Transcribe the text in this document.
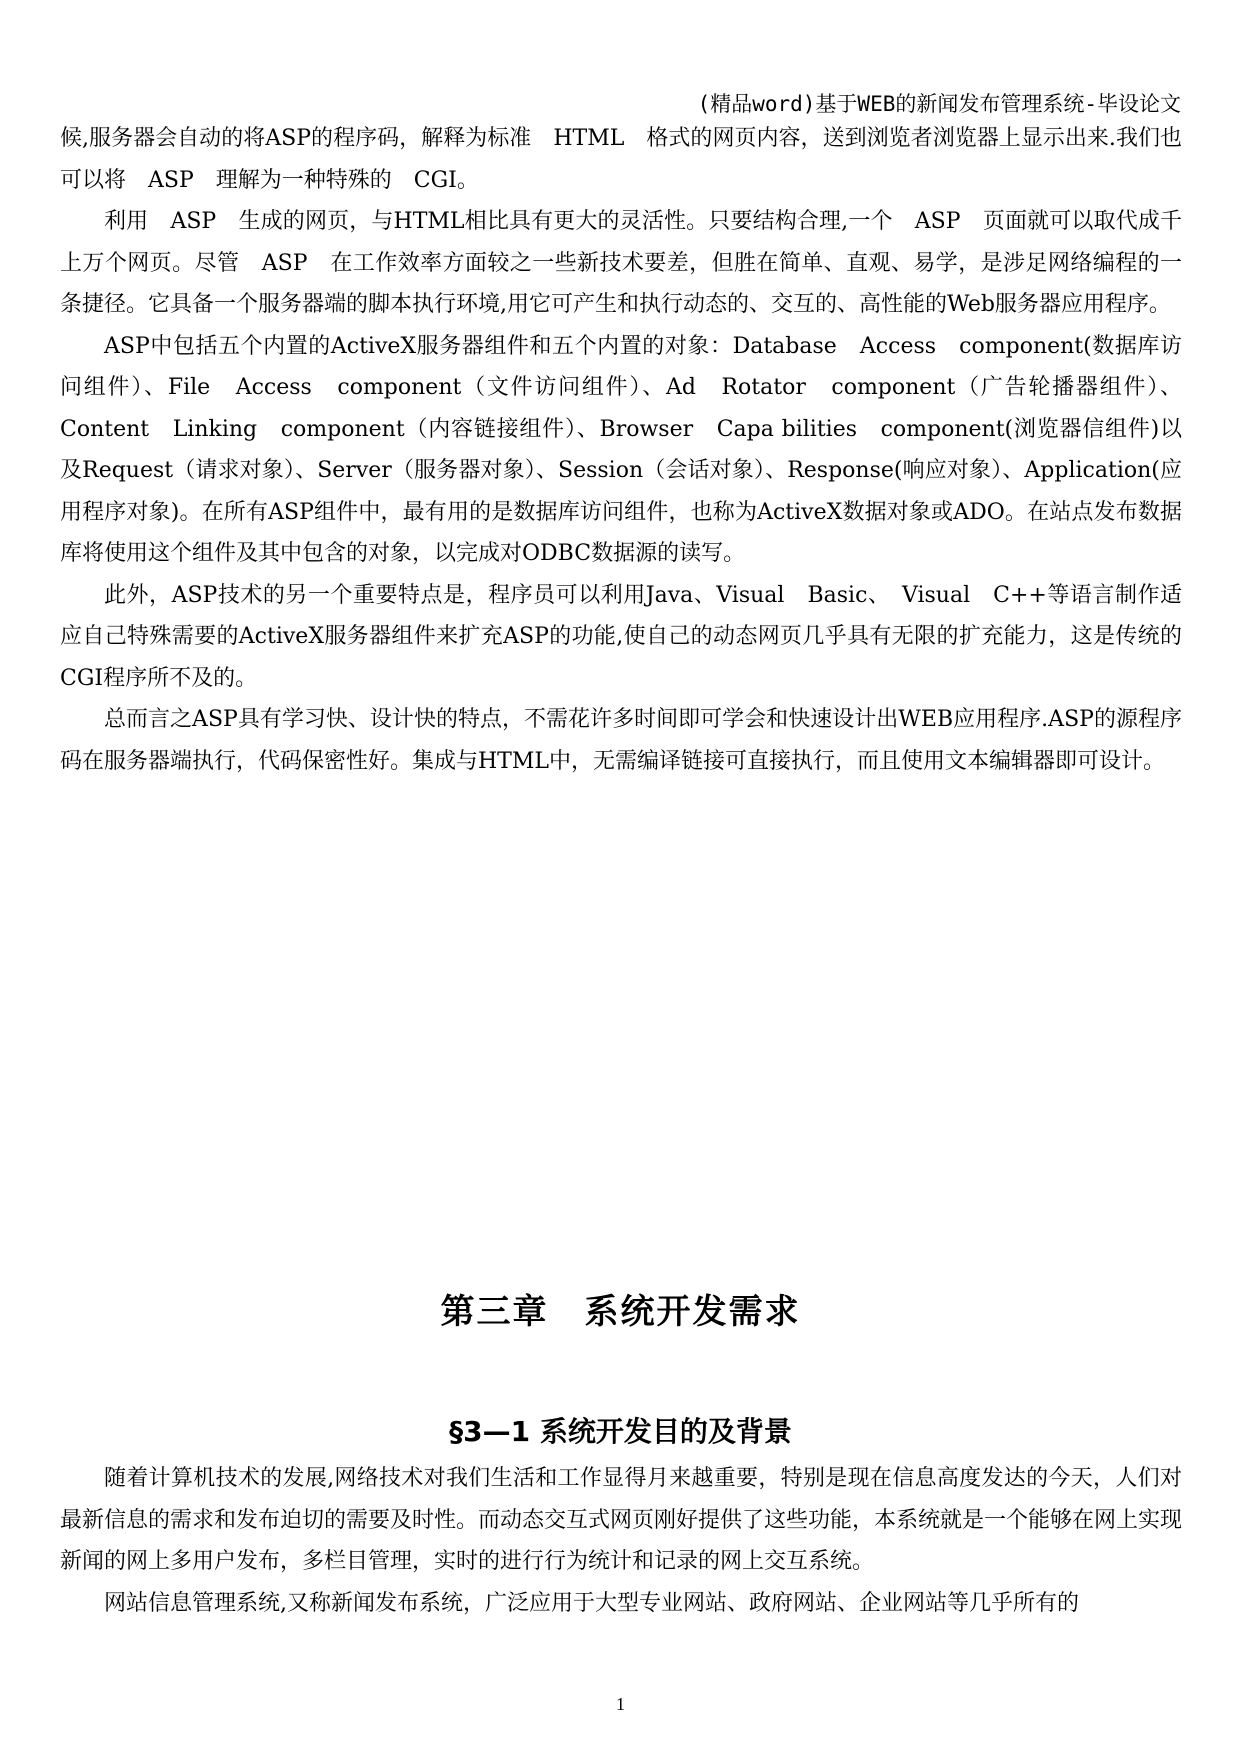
(精品word)基于WEB的新闻发布管理系统-毕设论文

候,服务器会自动的将ASP的程序码，解释为标准　HTML　格式的网页内容，送到浏览者浏览器上显示出来.我们也可以将　ASP　理解为一种特殊的　CGI。

利用　ASP　生成的网页，与HTML相比具有更大的灵活性。只要结构合理,一个　ASP　页面就可以取代成千上万个网页。尽管　ASP　在工作效率方面较之一些新技术要差，但胜在简单、直观、易学，是涉足网络编程的一条捷径。它具备一个服务器端的脚本执行环境,用它可产生和执行动态的、交互的、高性能的Web服务器应用程序。

ASP中包括五个内置的ActiveX服务器组件和五个内置的对象：Database　Access　component(数据库访问组件）、File　Access　component（文件访问组件）、Ad　Rotator　component（广告轮播器组件）、Content　Linking　component（内容链接组件）、Browser　Capa bilities　component(浏览器信组件)以及Request（请求对象）、Server（服务器对象）、Session（会话对象）、Response(响应对象）、Application(应用程序对象)。在所有ASP组件中，最有用的是数据库访问组件，也称为ActiveX数据对象或ADO。在站点发布数据库将使用这个组件及其中包含的对象，以完成对ODBC数据源的读写。

此外，ASP技术的另一个重要特点是，程序员可以利用Java、Visual　Basic、　Visual　C++等语言制作适应自己特殊需要的ActiveX服务器组件来扩充ASP的功能,使自己的动态网页几乎具有无限的扩充能力，这是传统的CGI程序所不及的。

总而言之ASP具有学习快、设计快的特点，不需花许多时间即可学会和快速设计出WEB应用程序.ASP的源程序码在服务器端执行，代码保密性好。集成与HTML中，无需编译链接可直接执行，而且使用文本编辑器即可设计。

第三章　系统开发需求
§3—1 系统开发目的及背景

随着计算机技术的发展,网络技术对我们生活和工作显得月来越重要，特别是现在信息高度发达的今天，人们对最新信息的需求和发布迫切的需要及时性。而动态交互式网页刚好提供了这些功能，本系统就是一个能够在网上实现新闻的网上多用户发布，多栏目管理，实时的进行行为统计和记录的网上交互系统。

网站信息管理系统,又称新闻发布系统，广泛应用于大型专业网站、政府网站、企业网站等几乎所有的

1
